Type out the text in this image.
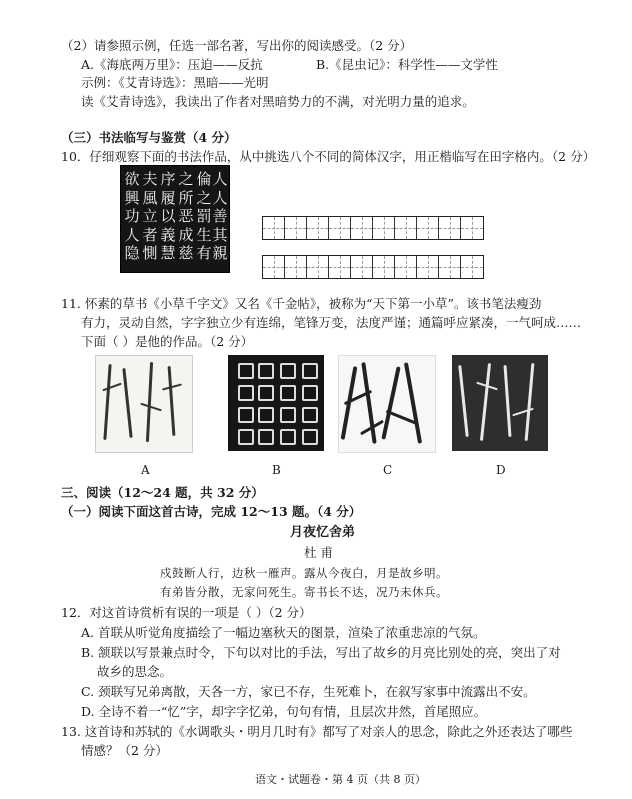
（2）请参照示例，任选一部名著，写出你的阅读感受。（2 分）
A.《海底两万里》：压迫——反抗	B.《昆虫记》：科学性——文学性
示例：《艾青诗选》：黑暗——光明
读《艾青诗选》，我读出了作者对黑暗势力的不满，对光明力量的追求。
（三）书法临写与鉴赏（4 分）
10．仔细观察下面的书法作品，从中挑选八个不同的简体汉字，用正楷临写在田字格内。（2 分）
欲
興
功
人
隐
夫
風
立
者
惻
序
履
以
義
慧
之
所
恶
成
慈
倫
之
罰
生
有
人
人
善
其
親
11. 怀素的草书《小草千字文》又名《千金帖》，被称为“天下第一小草”。该书笔法瘦劲
有力，灵动自然，字字独立少有连绵，笔锋万变，法度严谨；通篇呼应紧凑，一气呵成……
下面（ ）是他的作品。（2 分）
A	B	C	D
三、阅读（12～24 题，共 32 分）
（一）阅读下面这首古诗，完成 12～13 题。（4 分）
月夜忆舍弟
杜 甫
戍鼓断人行，边秋一雁声。露从今夜白，月是故乡明。
有弟皆分散，无家问死生。寄书长不达，况乃未休兵。
12．对这首诗赏析有误的一项是（ ）（2 分）
A. 首联从听觉角度描绘了一幅边塞秋天的图景，渲染了浓重悲凉的气氛。
B. 颔联以写景兼点时令，下句以对比的手法，写出了故乡的月亮比别处的亮，突出了对
故乡的思念。
C. 颈联写兄弟离散，天各一方，家已不存，生死难卜，在叙写家事中流露出不安。
D. 全诗不着一“忆”字，却字字忆弟，句句有情，且层次井然，首尾照应。
13. 这首诗和苏轼的《水调歌头・明月几时有》都写了对亲人的思念，除此之外还表达了哪些
情感？（2 分）
语文・试题卷・第 4 页（共 8 页）
